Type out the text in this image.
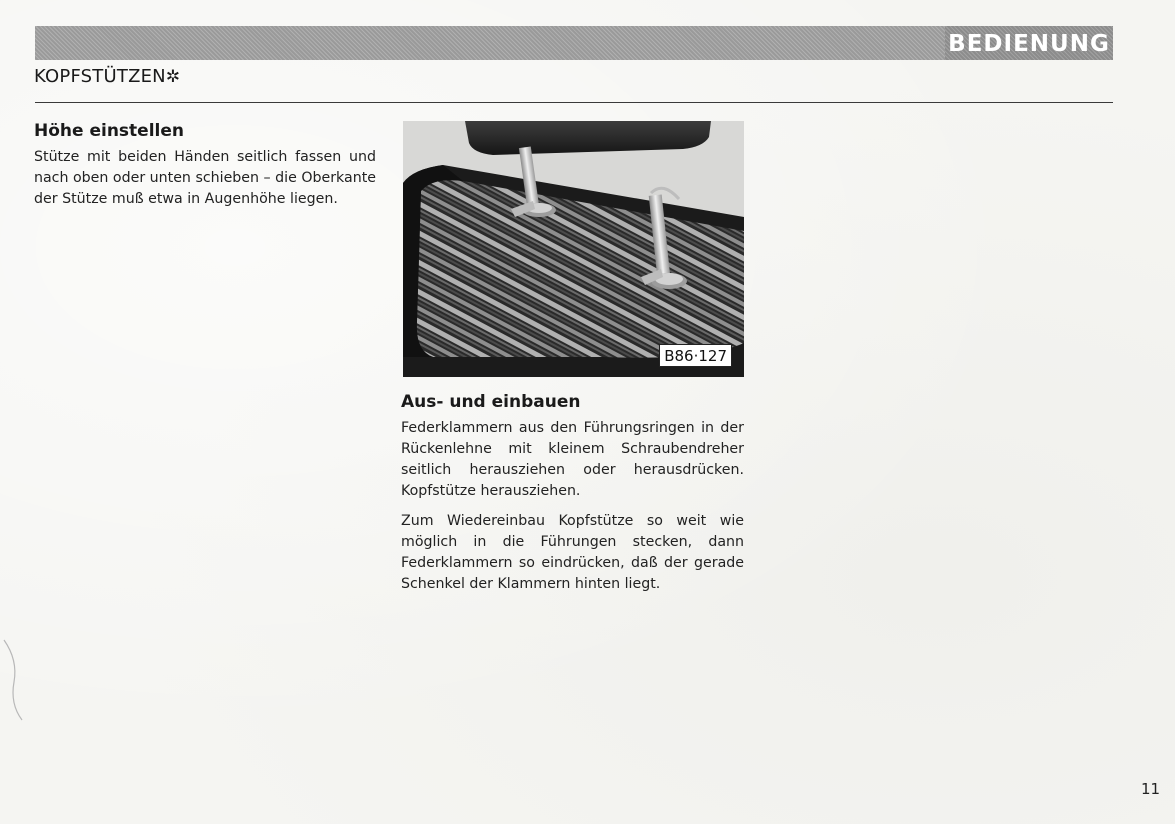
BEDIENUNG
KOPFSTÜTZEN✲
Höhe einstellen

Stütze mit beiden Händen seitlich fassen und nach oben oder unten schieben – die Oberkante der Stütze muß etwa in Augenhöhe liegen.

B86·127
Aus- und einbauen

Federklammern aus den Führungsringen in der Rückenlehne mit kleinem Schraubendreher seitlich herausziehen oder herausdrücken. Kopfstütze herausziehen.

Zum Wiedereinbau Kopfstütze so weit wie möglich in die Führungen stecken, dann Federklammern so eindrücken, daß der gerade Schenkel der Klammern hinten liegt.

11
